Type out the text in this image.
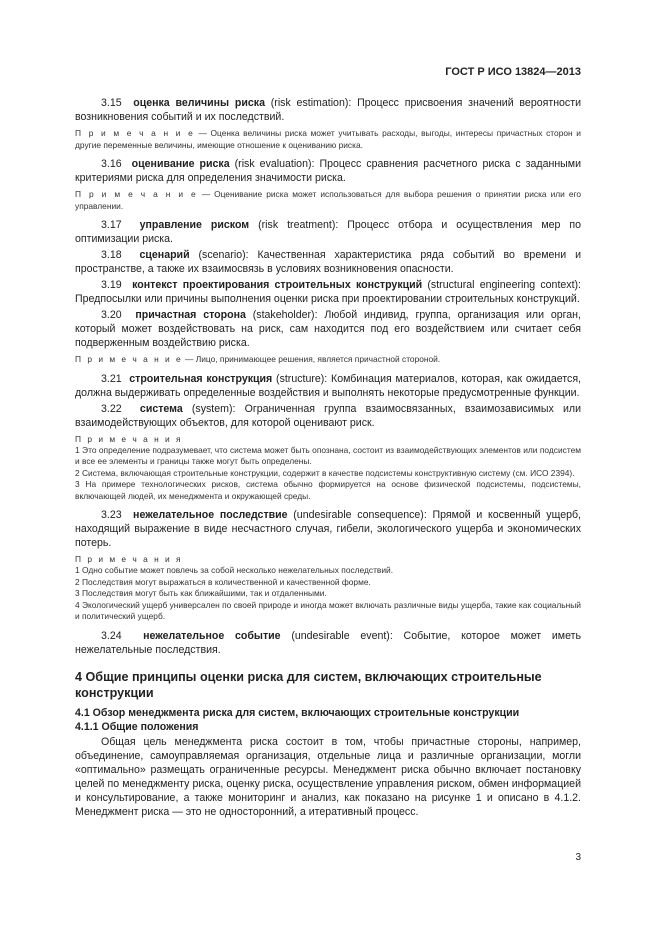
ГОСТ Р ИСО 13824—2013

3.15 оценка величины риска (risk estimation): Процесс присвоения значений вероятности возникновения событий и их последствий.

П р и м е ч а н и е — Оценка величины риска может учитывать расходы, выгоды, интересы причастных сторон и другие переменные величины, имеющие отношение к оцениванию риска.

3.16 оценивание риска (risk evaluation): Процесс сравнения расчетного риска с заданными критериями риска для определения значимости риска.

П р и м е ч а н и е — Оценивание риска может использоваться для выбора решения о принятии риска или его управлении.

3.17 управление риском (risk treatment): Процесс отбора и осуществления мер по оптимизации риска.

3.18 сценарий (scenario): Качественная характеристика ряда событий во времени и пространстве, а также их взаимосвязь в условиях возникновения опасности.

3.19 контекст проектирования строительных конструкций (structural engineering context): Предпосылки или причины выполнения оценки риска при проектировании строительных конструкций.

3.20 причастная сторона (stakeholder): Любой индивид, группа, организация или орган, который может воздействовать на риск, сам находится под его воздействием или считает себя подверженным воздействию риска.

П р и м е ч а н и е — Лицо, принимающее решения, является причастной стороной.

3.21 строительная конструкция (structure): Комбинация материалов, которая, как ожидается, должна выдерживать определенные воздействия и выполнять некоторые предусмотренные функции.

3.22 система (system): Ограниченная группа взаимосвязанных, взаимозависимых или взаимодействующих объектов, для которой оценивают риск.

П р и м е ч а н и я

1 Это определение подразумевает, что система может быть опознана, состоит из взаимодействующих элементов или подсистем и все ее элементы и границы также могут быть определены.

2 Система, включающая строительные конструкции, содержит в качестве подсистемы конструктивную систему (см. ИСО 2394).

3 На примере технологических рисков, система обычно формируется на основе физической подсистемы, подсистемы, включающей людей, их менеджмента и окружающей среды.

3.23 нежелательное последствие (undesirable consequence): Прямой и косвенный ущерб, находящий выражение в виде несчастного случая, гибели, экологического ущерба и экономических потерь.

П р и м е ч а н и я

1 Одно событие может повлечь за собой несколько нежелательных последствий.

2 Последствия могут выражаться в количественной и качественной форме.

3 Последствия могут быть как ближайшими, так и отдаленными.

4 Экологический ущерб универсален по своей природе и иногда может включать различные виды ущерба, такие как социальный и политический ущерб.

3.24 нежелательное событие (undesirable event): Событие, которое может иметь нежелательные последствия.

4 Общие принципы оценки риска для систем, включающих строительные конструкции
4.1 Обзор менеджмента риска для систем, включающих строительные конструкции
4.1.1 Общие положения

Общая цель менеджмента риска состоит в том, чтобы причастные стороны, например, объединение, самоуправляемая организация, отдельные лица и различные организации, могли «оптимально» размещать ограниченные ресурсы. Менеджмент риска обычно включает постановку целей по менеджменту риска, оценку риска, осуществление управления риском, обмен информацией и консультирование, а также мониторинг и анализ, как показано на рисунке 1 и описано в 4.1.2. Менеджмент риска — это не односторонний, а итеративный процесс.

3
